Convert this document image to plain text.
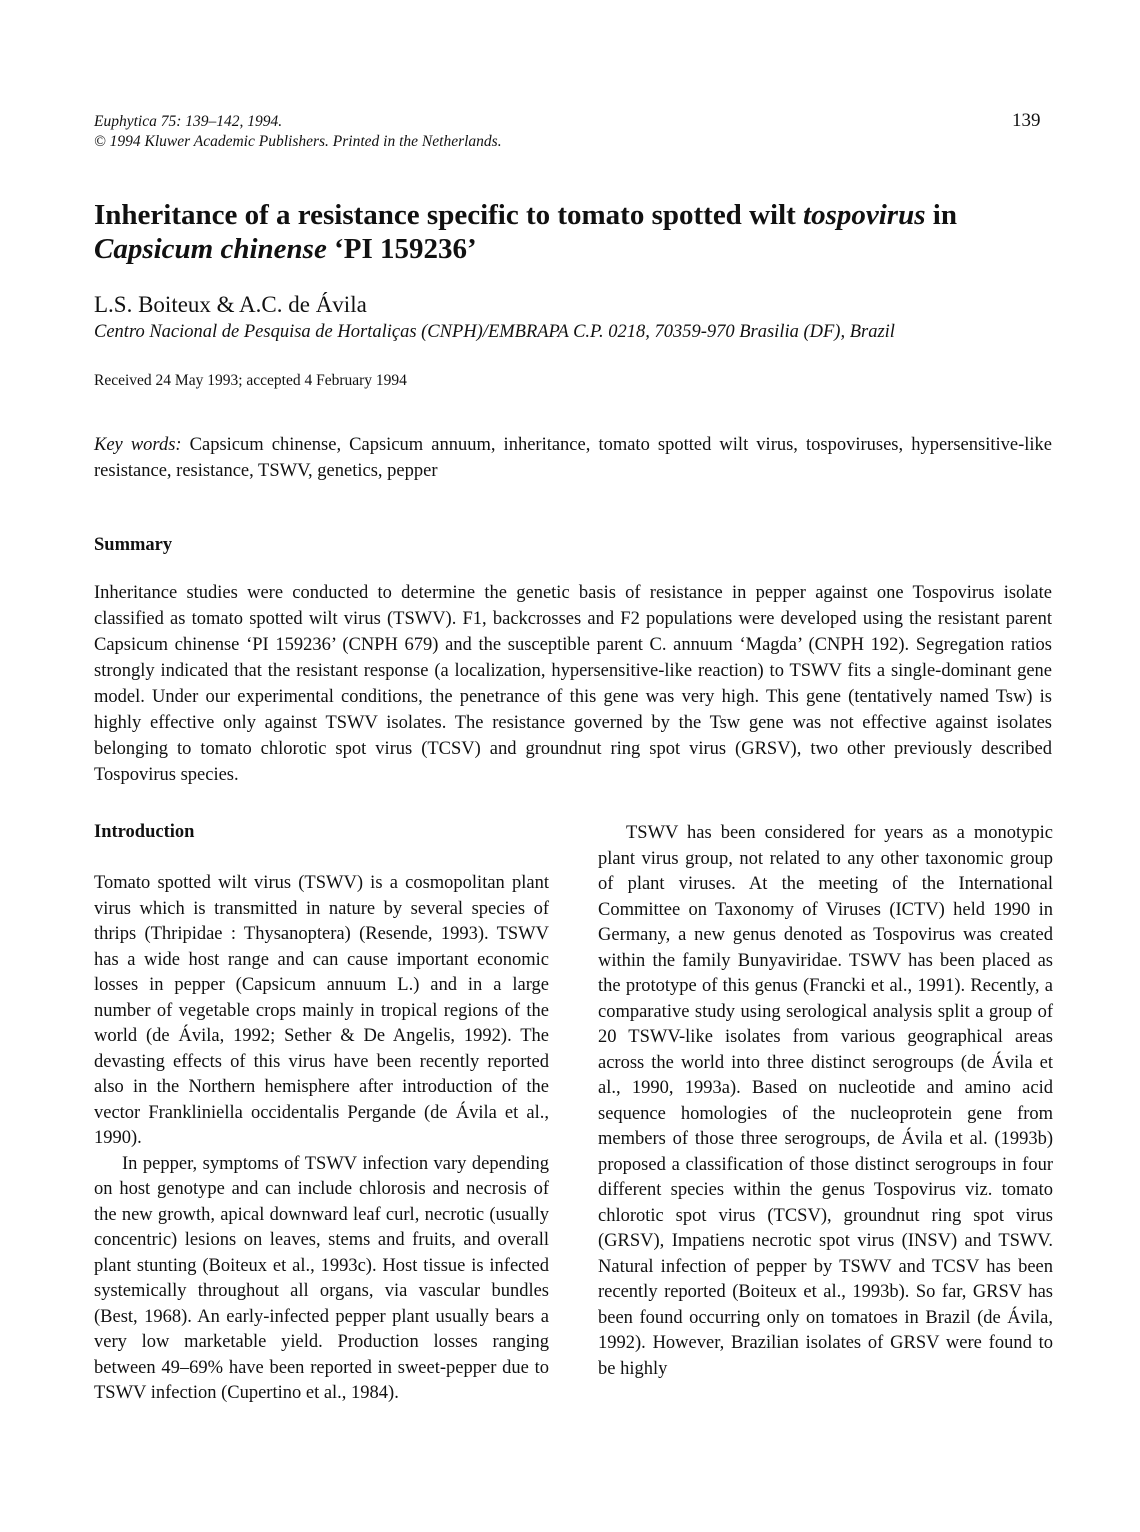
Euphytica 75: 139–142, 1994.
© 1994 Kluwer Academic Publishers. Printed in the Netherlands.
139
Inheritance of a resistance specific to tomato spotted wilt tospovirus in Capsicum chinense ‘PI 159236’
L.S. Boiteux & A.C. de Ávila
Centro Nacional de Pesquisa de Hortaliças (CNPH)/EMBRAPA C.P. 0218, 70359-970 Brasilia (DF), Brazil
Received 24 May 1993; accepted 4 February 1994
Key words: Capsicum chinense, Capsicum annuum, inheritance, tomato spotted wilt virus, tospoviruses, hypersensitive-like resistance, resistance, TSWV, genetics, pepper
Summary
Inheritance studies were conducted to determine the genetic basis of resistance in pepper against one Tospovirus isolate classified as tomato spotted wilt virus (TSWV). F1, backcrosses and F2 populations were developed using the resistant parent Capsicum chinense ‘PI 159236’ (CNPH 679) and the susceptible parent C. annuum ‘Magda’ (CNPH 192). Segregation ratios strongly indicated that the resistant response (a localization, hypersensitive-like reaction) to TSWV fits a single-dominant gene model. Under our experimental conditions, the penetrance of this gene was very high. This gene (tentatively named Tsw) is highly effective only against TSWV isolates. The resistance governed by the Tsw gene was not effective against isolates belonging to tomato chlorotic spot virus (TCSV) and groundnut ring spot virus (GRSV), two other previously described Tospovirus species.
Introduction

Tomato spotted wilt virus (TSWV) is a cosmopolitan plant virus which is transmitted in nature by several species of thrips (Thripidae : Thysanoptera) (Resende, 1993). TSWV has a wide host range and can cause important economic losses in pepper (Capsicum annuum L.) and in a large number of vegetable crops mainly in tropical regions of the world (de Ávila, 1992; Sether & De Angelis, 1992). The devasting effects of this virus have been recently reported also in the Northern hemisphere after introduction of the vector Frankliniella occidentalis Pergande (de Ávila et al., 1990).

In pepper, symptoms of TSWV infection vary depending on host genotype and can include chlorosis and necrosis of the new growth, apical downward leaf curl, necrotic (usually concentric) lesions on leaves, stems and fruits, and overall plant stunting (Boiteux et al., 1993c). Host tissue is infected systemically throughout all organs, via vascular bundles (Best, 1968). An early-infected pepper plant usually bears a very low marketable yield. Production losses ranging between 49–69% have been reported in sweet-pepper due to TSWV infection (Cupertino et al., 1984).

TSWV has been considered for years as a monotypic plant virus group, not related to any other taxonomic group of plant viruses. At the meeting of the International Committee on Taxonomy of Viruses (ICTV) held 1990 in Germany, a new genus denoted as Tospovirus was created within the family Bunyaviridae. TSWV has been placed as the prototype of this genus (Francki et al., 1991). Recently, a comparative study using serological analysis split a group of 20 TSWV-like isolates from various geographical areas across the world into three distinct serogroups (de Ávila et al., 1990, 1993a). Based on nucleotide and amino acid sequence homologies of the nucleoprotein gene from members of those three serogroups, de Ávila et al. (1993b) proposed a classification of those distinct serogroups in four different species within the genus Tospovirus viz. tomato chlorotic spot virus (TCSV), groundnut ring spot virus (GRSV), Impatiens necrotic spot virus (INSV) and TSWV. Natural infection of pepper by TSWV and TCSV has been recently reported (Boiteux et al., 1993b). So far, GRSV has been found occurring only on tomatoes in Brazil (de Ávila, 1992). However, Brazilian isolates of GRSV were found to be highly
